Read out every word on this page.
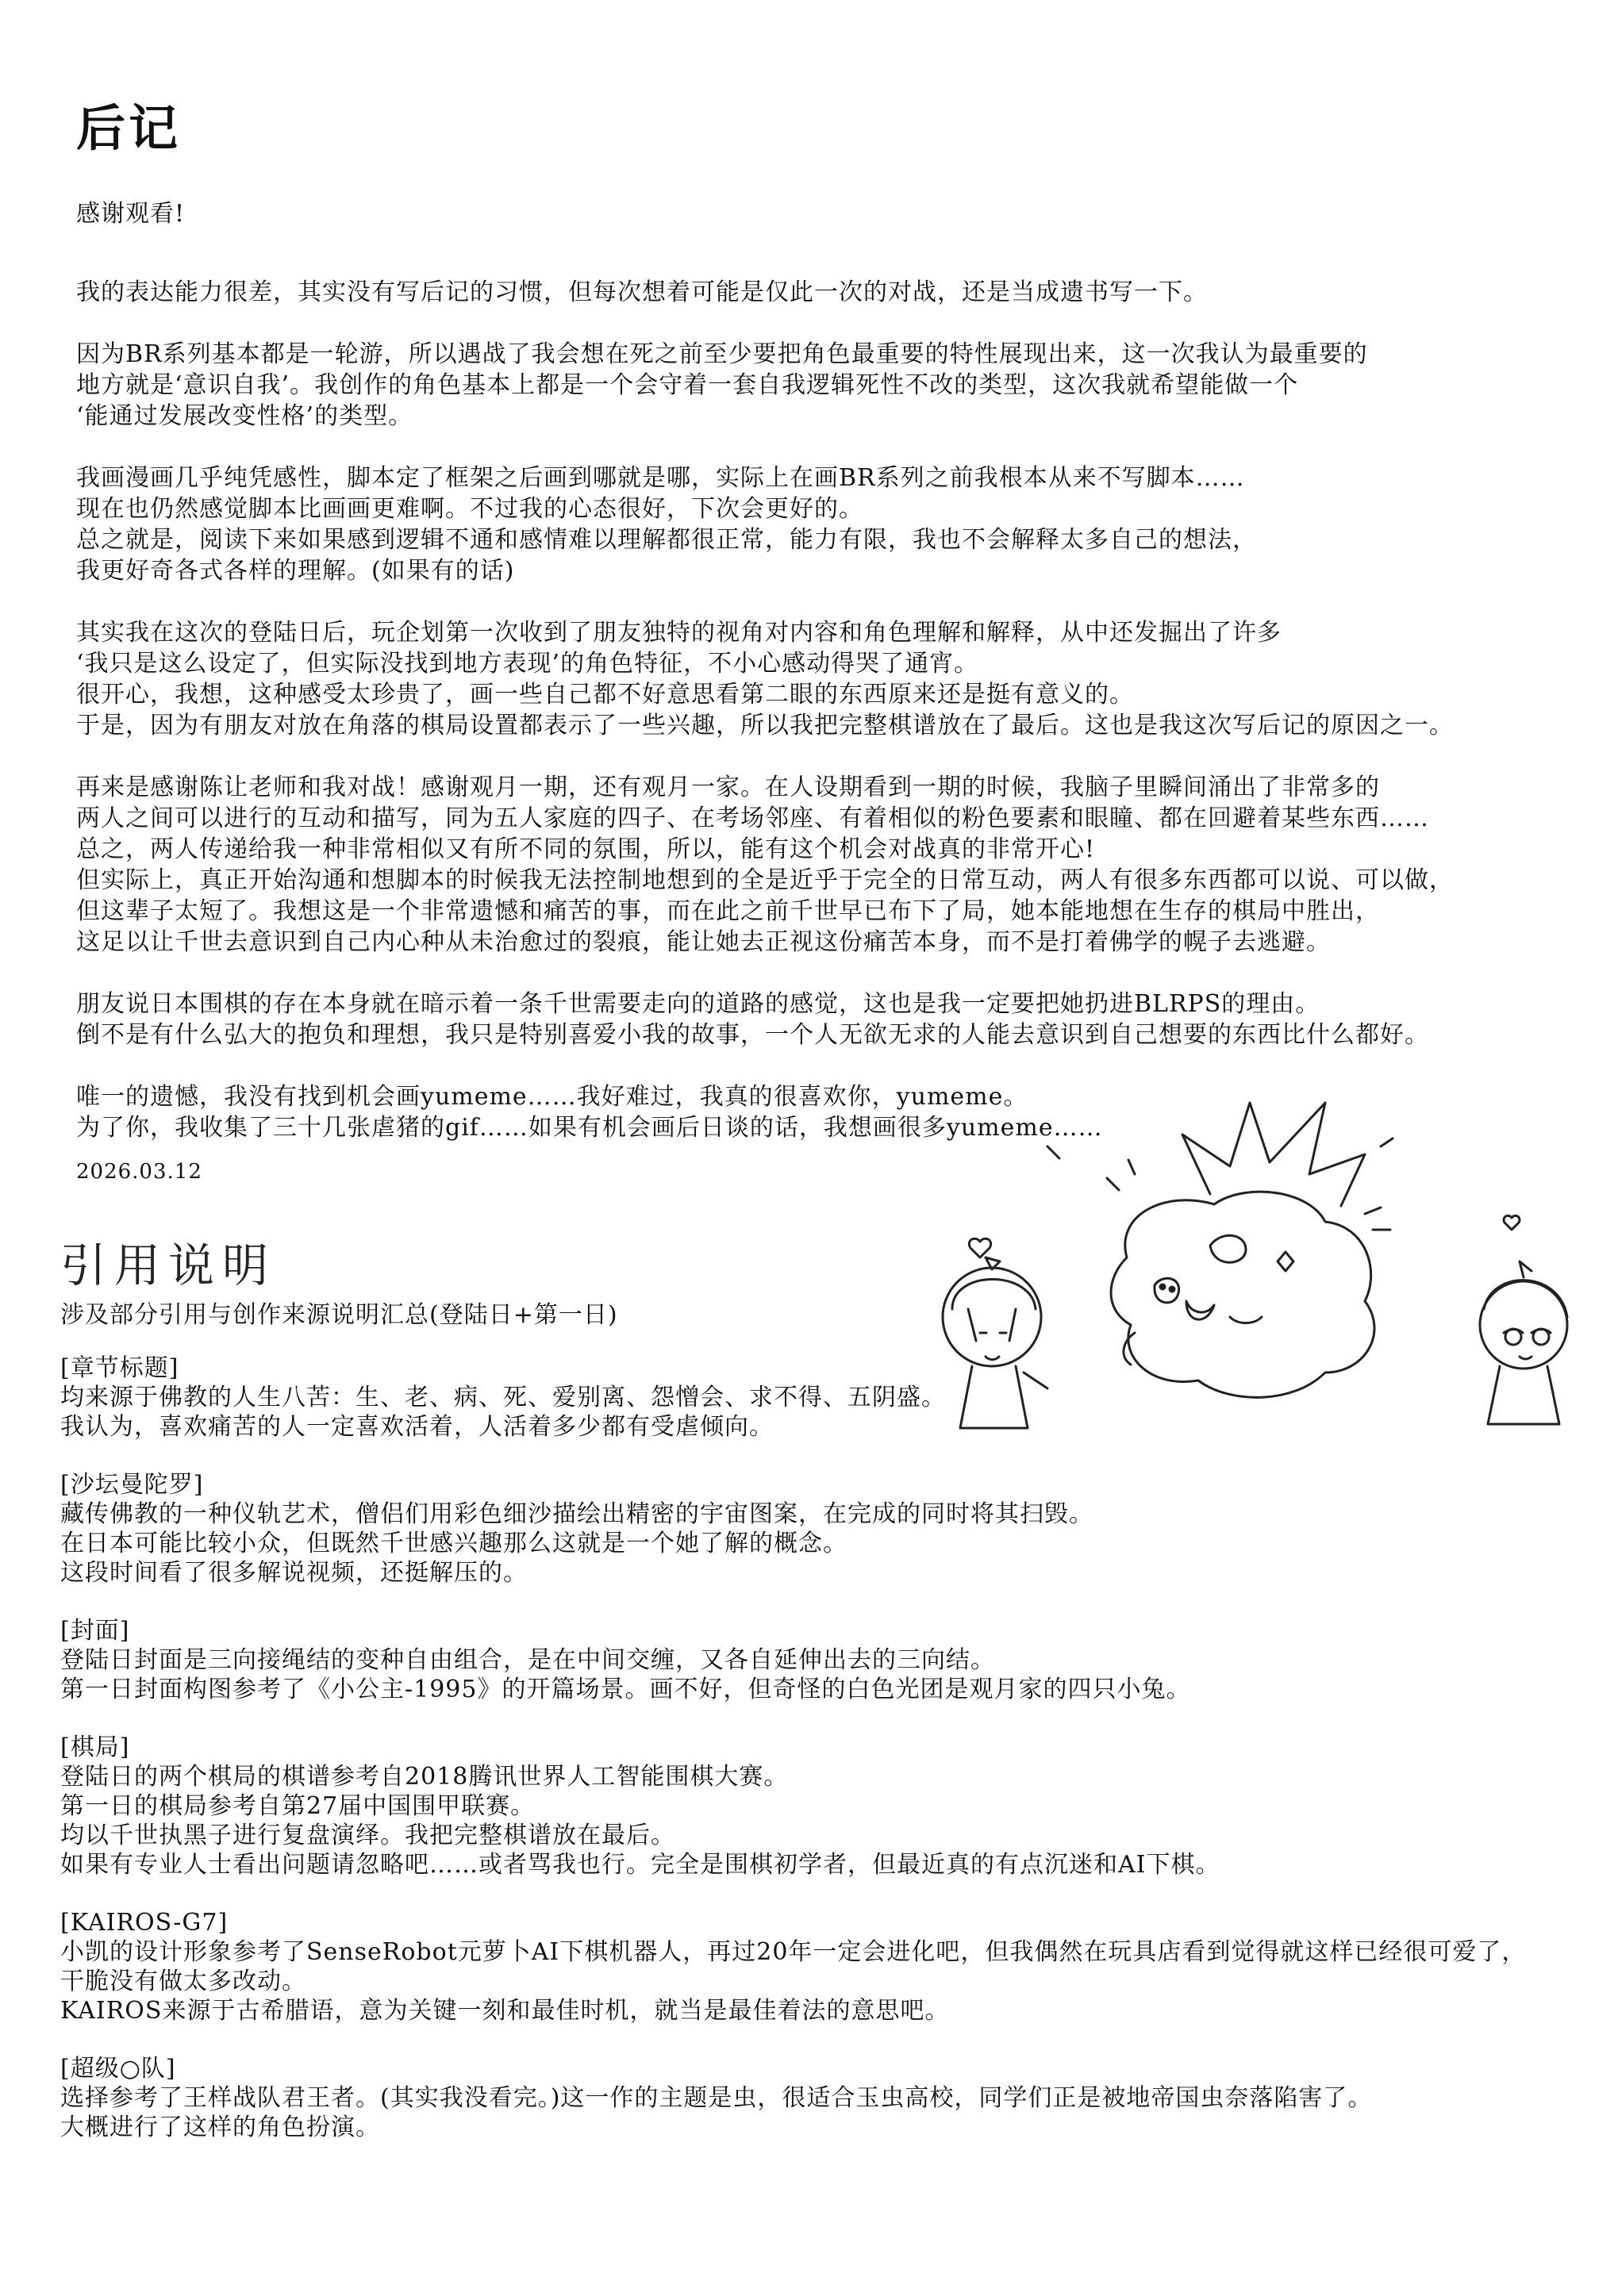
后记

感谢观看!

我的表达能力很差，其实没有写后记的习惯，但每次想着可能是仅此一次的对战，还是当成遗书写一下。

因为BR系列基本都是一轮游，所以遇战了我会想在死之前至少要把角色最重要的特性展现出来，这一次我认为最重要的
地方就是‘意识自我’。我创作的角色基本上都是一个会守着一套自我逻辑死性不改的类型，这次我就希望能做一个
‘能通过发展改变性格’的类型。

我画漫画几乎纯凭感性，脚本定了框架之后画到哪就是哪，实际上在画BR系列之前我根本从来不写脚本……
现在也仍然感觉脚本比画画更难啊。不过我的心态很好，下次会更好的。
总之就是，阅读下来如果感到逻辑不通和感情难以理解都很正常，能力有限，我也不会解释太多自己的想法，
我更好奇各式各样的理解。(如果有的话)

其实我在这次的登陆日后，玩企划第一次收到了朋友独特的视角对内容和角色理解和解释，从中还发掘出了许多
‘我只是这么设定了，但实际没找到地方表现’的角色特征，不小心感动得哭了通宵。
很开心，我想，这种感受太珍贵了，画一些自己都不好意思看第二眼的东西原来还是挺有意义的。
于是，因为有朋友对放在角落的棋局设置都表示了一些兴趣，所以我把完整棋谱放在了最后。这也是我这次写后记的原因之一。

再来是感谢陈让老师和我对战！感谢观月一期，还有观月一家。在人设期看到一期的时候，我脑子里瞬间涌出了非常多的
两人之间可以进行的互动和描写，同为五人家庭的四子、在考场邻座、有着相似的粉色要素和眼瞳、都在回避着某些东西……
总之，两人传递给我一种非常相似又有所不同的氛围，所以，能有这个机会对战真的非常开心!
但实际上，真正开始沟通和想脚本的时候我无法控制地想到的全是近乎于完全的日常互动，两人有很多东西都可以说、可以做，
但这辈子太短了。我想这是一个非常遗憾和痛苦的事，而在此之前千世早已布下了局，她本能地想在生存的棋局中胜出，
这足以让千世去意识到自己内心种从未治愈过的裂痕，能让她去正视这份痛苦本身，而不是打着佛学的幌子去逃避。

朋友说日本围棋的存在本身就在暗示着一条千世需要走向的道路的感觉，这也是我一定要把她扔进BLRPS的理由。
倒不是有什么弘大的抱负和理想，我只是特别喜爱小我的故事，一个人无欲无求的人能去意识到自己想要的东西比什么都好。

唯一的遗憾，我没有找到机会画yumeme……我好难过，我真的很喜欢你，yumeme。
为了你，我收集了三十几张虐猪的gif……如果有机会画后日谈的话，我想画很多yumeme……

2026.03.12
引用说明
涉及部分引用与创作来源说明汇总(登陆日+第一日)
[章节标题]
均来源于佛教的人生八苦：生、老、病、死、爱别离、怨憎会、求不得、五阴盛。
我认为，喜欢痛苦的人一定喜欢活着，人活着多少都有受虐倾向。
[沙坛曼陀罗]
藏传佛教的一种仪轨艺术，僧侣们用彩色细沙描绘出精密的宇宙图案，在完成的同时将其扫毁。
在日本可能比较小众，但既然千世感兴趣那么这就是一个她了解的概念。
这段时间看了很多解说视频，还挺解压的。
[封面]
登陆日封面是三向接绳结的变种自由组合，是在中间交缠，又各自延伸出去的三向结。
第一日封面构图参考了《小公主-1995》的开篇场景。画不好，但奇怪的白色光团是观月家的四只小兔。
[棋局]
登陆日的两个棋局的棋谱参考自2018腾讯世界人工智能围棋大赛。
第一日的棋局参考自第27届中国围甲联赛。
均以千世执黑子进行复盘演绎。我把完整棋谱放在最后。
如果有专业人士看出问题请忽略吧……或者骂我也行。完全是围棋初学者，但最近真的有点沉迷和AI下棋。
[KAIROS-G7]
小凯的设计形象参考了SenseRobot元萝卜AI下棋机器人，再过20年一定会进化吧，但我偶然在玩具店看到觉得就这样已经很可爱了，
干脆没有做太多改动。
KAIROS来源于古希腊语，意为关键一刻和最佳时机，就当是最佳着法的意思吧。
[超级○队]
选择参考了王样战队君王者。(其实我没看完。)这一作的主题是虫，很适合玉虫高校，同学们正是被地帝国虫奈落陷害了。
大概进行了这样的角色扮演。
